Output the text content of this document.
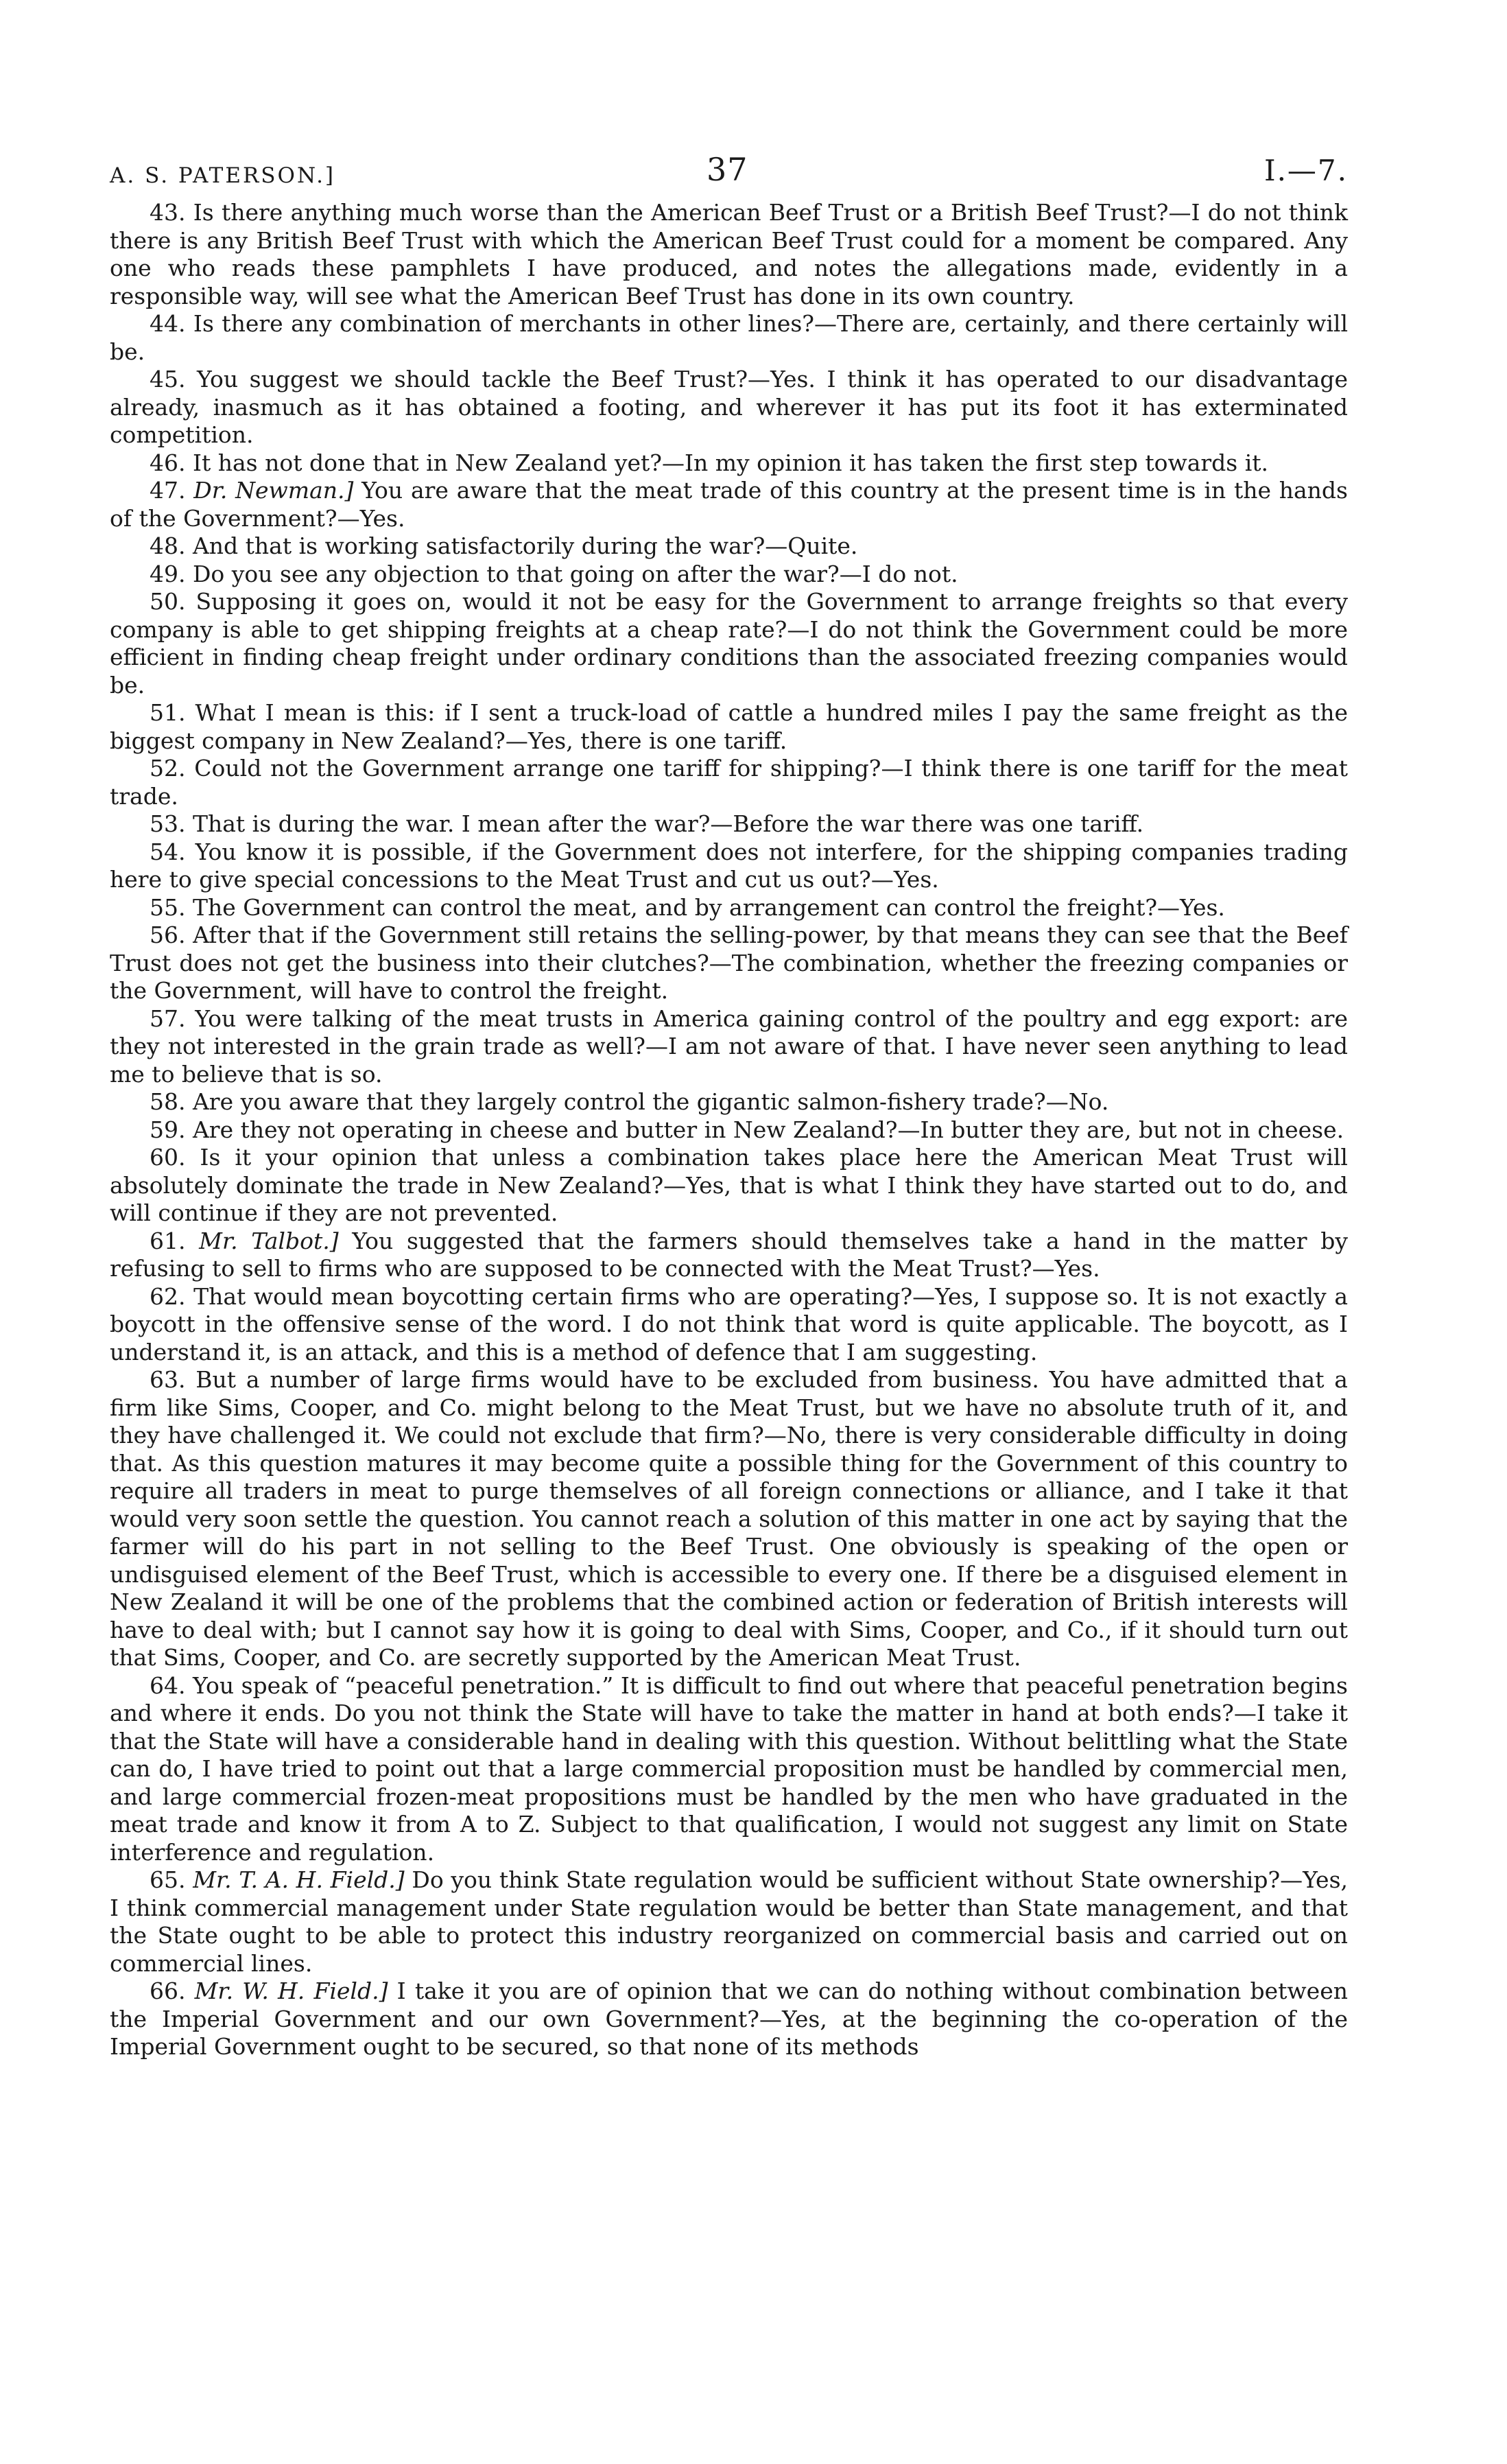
A. S. PATERSON.]	37	I.—7.

43. Is there anything much worse than the American Beef Trust or a British Beef Trust?—I do not think there is any British Beef Trust with which the American Beef Trust could for a moment be compared. Any one who reads these pamphlets I have produced, and notes the allegations made, evidently in a responsible way, will see what the American Beef Trust has done in its own country.

44. Is there any combination of merchants in other lines?—There are, certainly, and there certainly will be.

45. You suggest we should tackle the Beef Trust?—Yes. I think it has operated to our disadvantage already, inasmuch as it has obtained a footing, and wherever it has put its foot it has exterminated competition.

46. It has not done that in New Zealand yet?—In my opinion it has taken the first step towards it.

47. Dr. Newman.] You are aware that the meat trade of this country at the present time is in the hands of the Government?—Yes.

48. And that is working satisfactorily during the war?—Quite.

49. Do you see any objection to that going on after the war?—I do not.

50. Supposing it goes on, would it not be easy for the Government to arrange freights so that every company is able to get shipping freights at a cheap rate?—I do not think the Government could be more efficient in finding cheap freight under ordinary conditions than the associated freezing companies would be.

51. What I mean is this: if I sent a truck-load of cattle a hundred miles I pay the same freight as the biggest company in New Zealand?—Yes, there is one tariff.

52. Could not the Government arrange one tariff for shipping?—I think there is one tariff for the meat trade.

53. That is during the war. I mean after the war?—Before the war there was one tariff.

54. You know it is possible, if the Government does not interfere, for the shipping companies trading here to give special concessions to the Meat Trust and cut us out?—Yes.

55. The Government can control the meat, and by arrangement can control the freight?—Yes.

56. After that if the Government still retains the selling-power, by that means they can see that the Beef Trust does not get the business into their clutches?—The combination, whether the freezing companies or the Government, will have to control the freight.

57. You were talking of the meat trusts in America gaining control of the poultry and egg export: are they not interested in the grain trade as well?—I am not aware of that. I have never seen anything to lead me to believe that is so.

58. Are you aware that they largely control the gigantic salmon-fishery trade?—No.

59. Are they not operating in cheese and butter in New Zealand?—In butter they are, but not in cheese.

60. Is it your opinion that unless a combination takes place here the American Meat Trust will absolutely dominate the trade in New Zealand?—Yes, that is what I think they have started out to do, and will continue if they are not prevented.

61. Mr. Talbot.] You suggested that the farmers should themselves take a hand in the matter by refusing to sell to firms who are supposed to be connected with the Meat Trust?—Yes.

62. That would mean boycotting certain firms who are operating?—Yes, I suppose so. It is not exactly a boycott in the offensive sense of the word. I do not think that word is quite applicable. The boycott, as I understand it, is an attack, and this is a method of defence that I am suggesting.

63. But a number of large firms would have to be excluded from business. You have admitted that a firm like Sims, Cooper, and Co. might belong to the Meat Trust, but we have no absolute truth of it, and they have challenged it. We could not exclude that firm?—No, there is very considerable difficulty in doing that. As this question matures it may become quite a possible thing for the Government of this country to require all traders in meat to purge themselves of all foreign connections or alliance, and I take it that would very soon settle the question. You cannot reach a solution of this matter in one act by saying that the farmer will do his part in not selling to the Beef Trust. One obviously is speaking of the open or undisguised element of the Beef Trust, which is accessible to every one. If there be a disguised element in New Zealand it will be one of the problems that the combined action or federation of British interests will have to deal with; but I cannot say how it is going to deal with Sims, Cooper, and Co., if it should turn out that Sims, Cooper, and Co. are secretly supported by the American Meat Trust.

64. You speak of “peaceful penetration.” It is difficult to find out where that peaceful penetration begins and where it ends. Do you not think the State will have to take the matter in hand at both ends?—I take it that the State will have a considerable hand in dealing with this question. Without belittling what the State can do, I have tried to point out that a large commercial proposition must be handled by commercial men, and large commercial frozen-meat propositions must be handled by the men who have graduated in the meat trade and know it from A to Z. Subject to that qualification, I would not suggest any limit on State interference and regulation.

65. Mr. T. A. H. Field.] Do you think State regulation would be sufficient without State ownership?—Yes, I think commercial management under State regulation would be better than State management, and that the State ought to be able to protect this industry reorganized on commercial basis and carried out on commercial lines.

66. Mr. W. H. Field.] I take it you are of opinion that we can do nothing without combination between the Imperial Government and our own Government?—Yes, at the beginning the co-operation of the Imperial Government ought to be secured, so that none of its methods
